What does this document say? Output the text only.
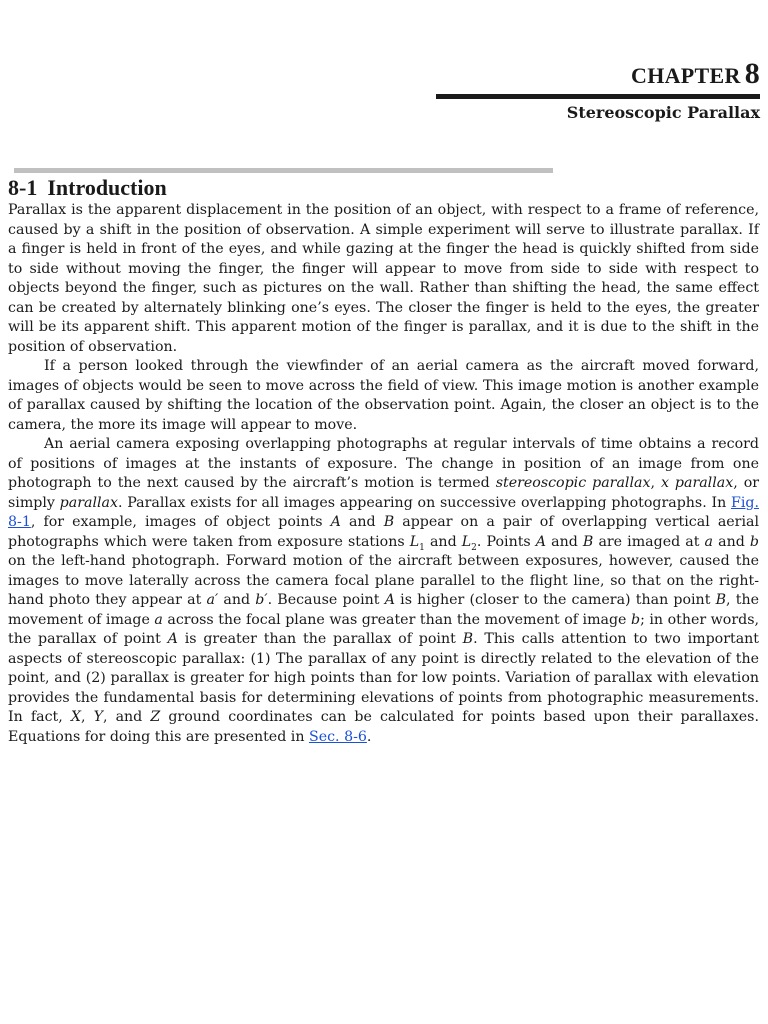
CHAPTER 8
Stereoscopic Parallax
8-1 Introduction

Parallax is the apparent displacement in the position of an object, with respect to a frame of reference, caused by a shift in the position of observation. A simple experiment will serve to illustrate parallax. If a finger is held in front of the eyes, and while gazing at the finger the head is quickly shifted from side to side without moving the finger, the finger will appear to move from side to side with respect to objects beyond the finger, such as pictures on the wall. Rather than shifting the head, the same effect can be created by alternately blinking one’s eyes. The closer the finger is held to the eyes, the greater will be its apparent shift. This apparent motion of the finger is parallax, and it is due to the shift in the position of observation.

If a person looked through the viewfinder of an aerial camera as the aircraft moved forward, images of objects would be seen to move across the field of view. This image motion is another example of parallax caused by shifting the location of the observation point. Again, the closer an object is to the camera, the more its image will appear to move.

An aerial camera exposing overlapping photographs at regular intervals of time obtains a record of positions of images at the instants of exposure. The change in position of an image from one photograph to the next caused by the aircraft’s motion is termed stereoscopic parallax, x parallax, or simply parallax. Parallax exists for all images appearing on successive overlapping photographs. In Fig. 8-1, for example, images of object points A and B appear on a pair of overlapping vertical aerial photographs which were taken from exposure stations $L_1$ and $L_2$. Points A and B are imaged at a and b on the left-hand photograph. Forward motion of the aircraft between exposures, however, caused the images to move laterally across the camera focal plane parallel to the flight line, so that on the right-hand photo they appear at a′ and b′. Because point A is higher (closer to the camera) than point B, the movement of image a across the focal plane was greater than the movement of image b; in other words, the parallax of point A is greater than the parallax of point B. This calls attention to two important aspects of stereoscopic parallax: (1) The parallax of any point is directly related to the elevation of the point, and (2) parallax is greater for high points than for low points. Variation of parallax with elevation provides the fundamental basis for determining elevations of points from photographic measurements. In fact, X, Y, and Z ground coordinates can be calculated for points based upon their parallaxes. Equations for doing this are presented in Sec. 8-6.
